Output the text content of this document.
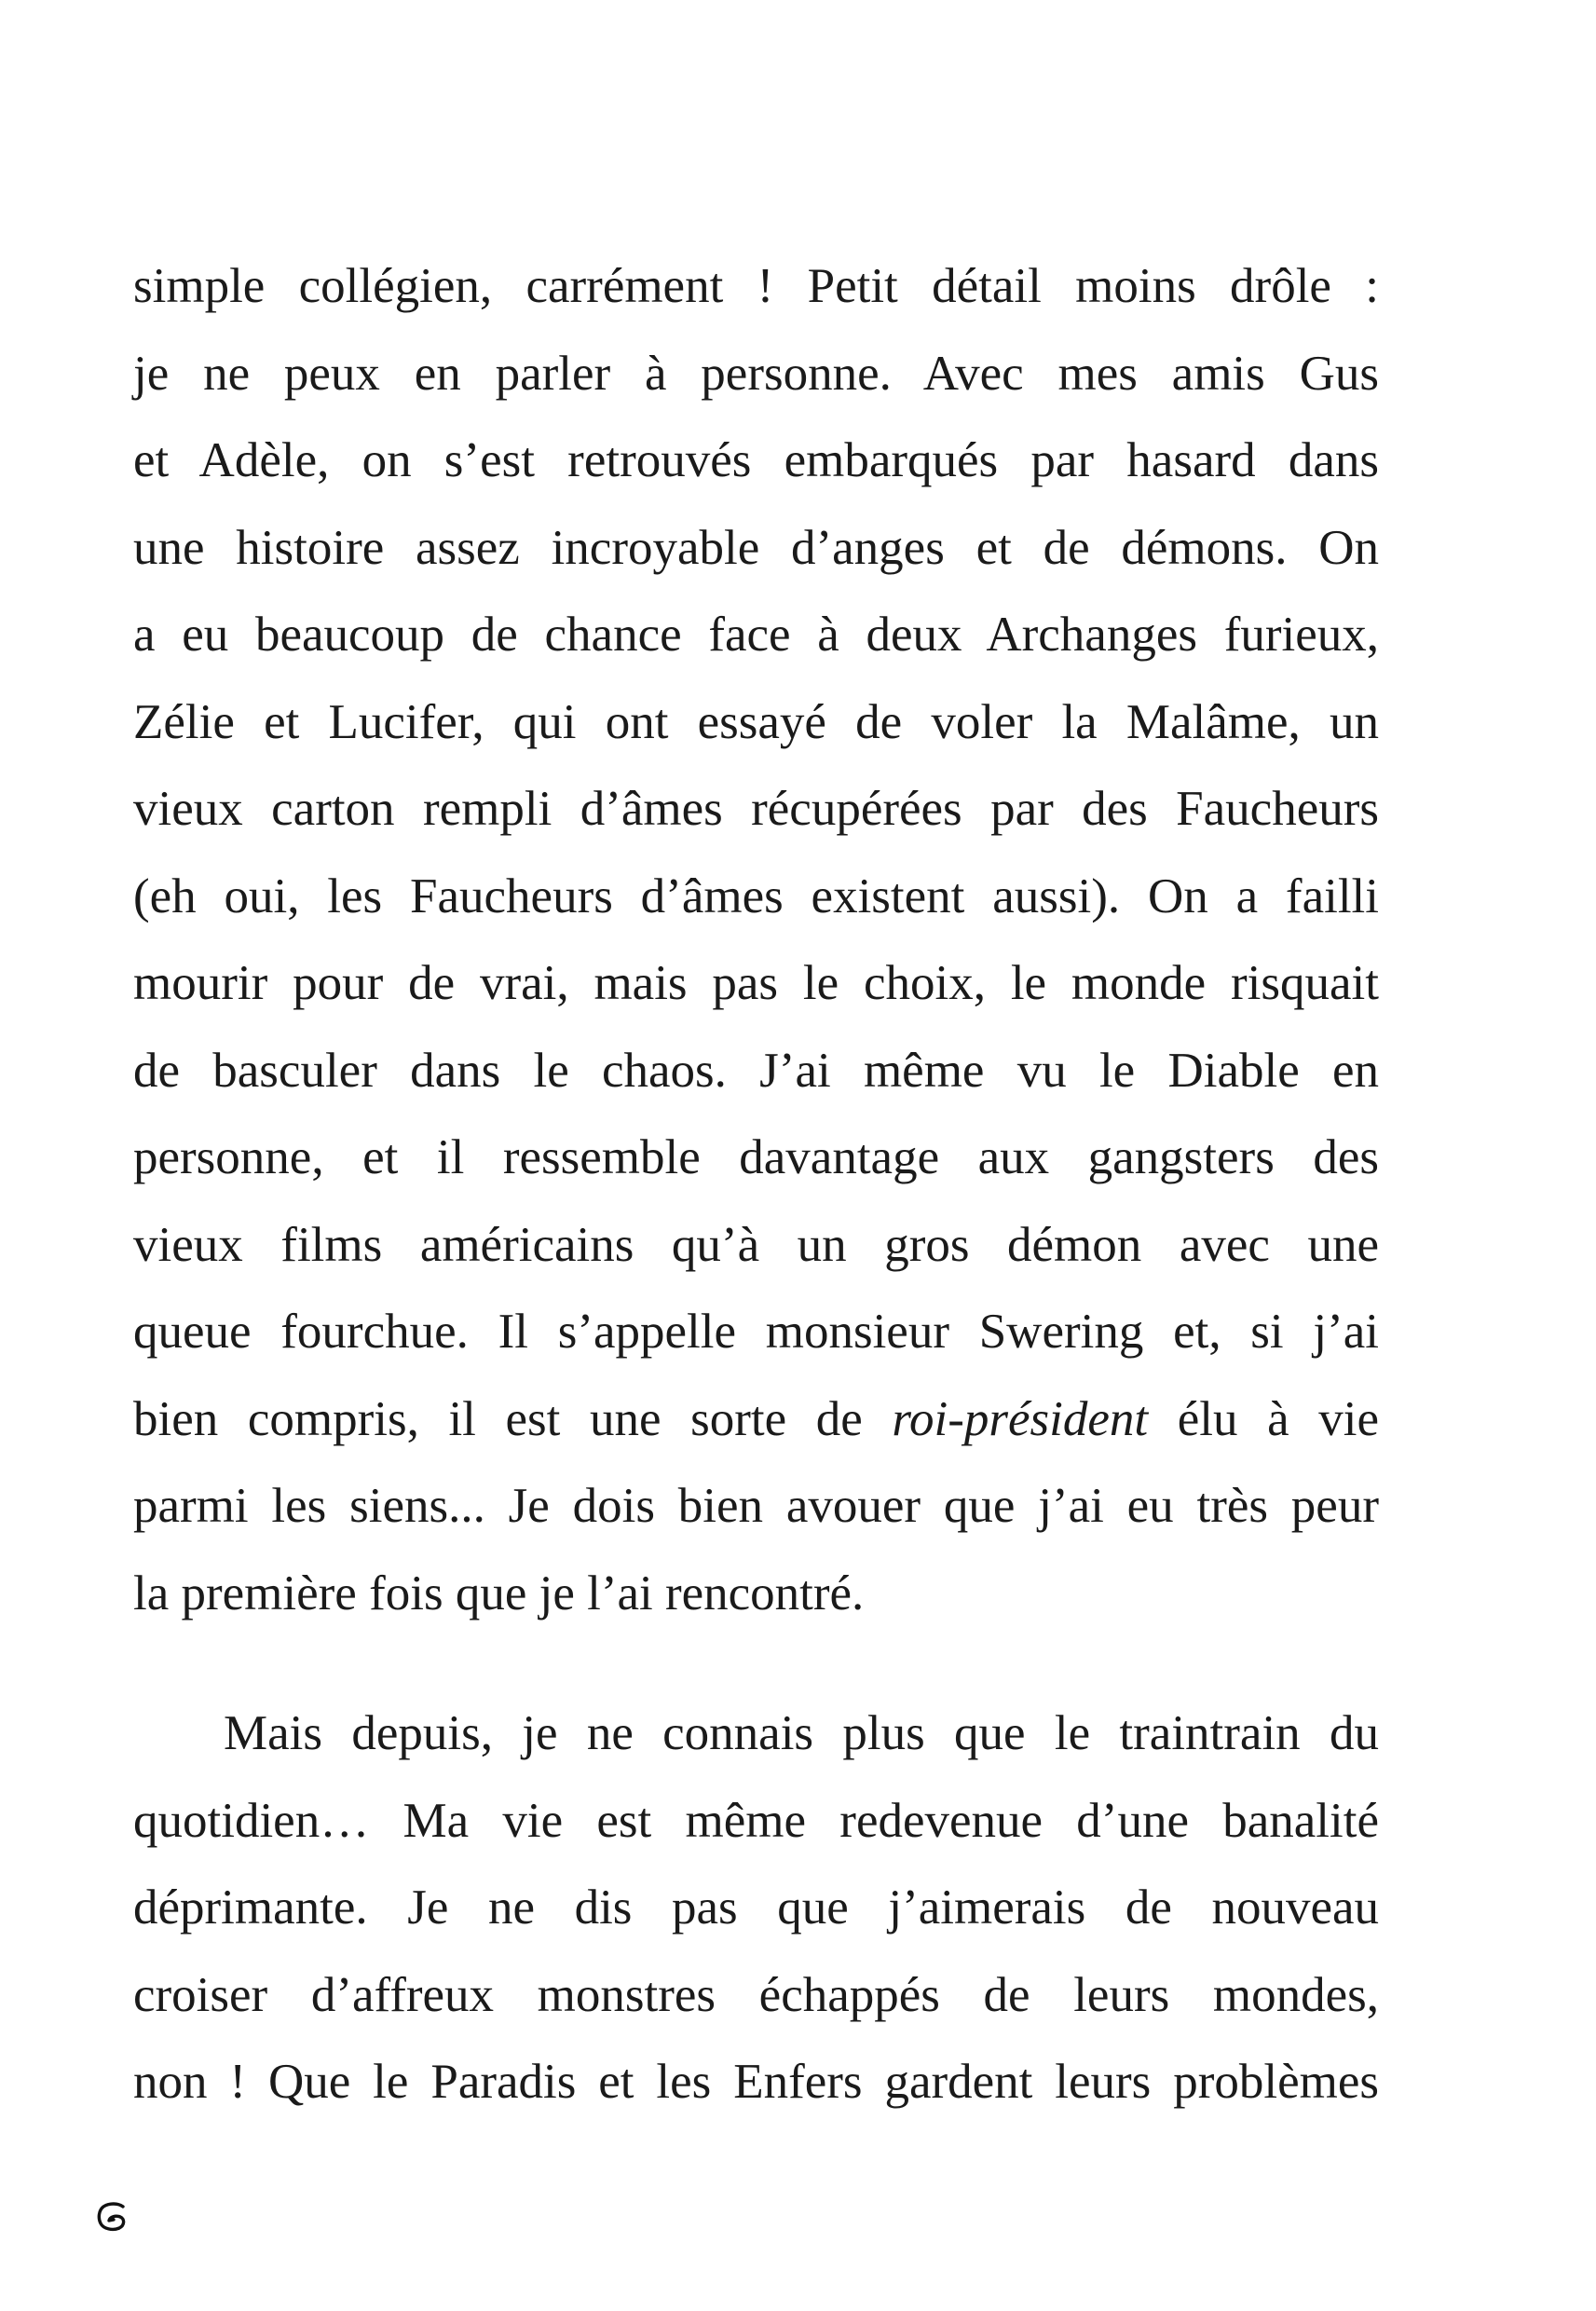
simple collégien, carrément ! Petit détail moins drôle :
je ne peux en parler à personne. Avec mes amis Gus
et Adèle, on s’est retrouvés embarqués par hasard dans
une histoire assez incroyable d’anges et de démons. On
a eu beaucoup de chance face à deux Archanges furieux,
Zélie et Lucifer, qui ont essayé de voler la Malâme, un
vieux carton rempli d’âmes récupérées par des Faucheurs
(eh oui, les Faucheurs d’âmes existent aussi). On a failli
mourir pour de vrai, mais pas le choix, le monde risquait
de basculer dans le chaos. J’ai même vu le Diable en
personne, et il ressemble davantage aux gangsters des
vieux films américains qu’à un gros démon avec une
queue fourchue. Il s’appelle monsieur Swering et, si j’ai
bien compris, il est une sorte de roi-président élu à vie
parmi les siens... Je dois bien avouer que j’ai eu très peur
la première fois que je l’ai rencontré.
Mais depuis, je ne connais plus que le traintrain du
quotidien… Ma vie est même redevenue d’une banalité
déprimante. Je ne dis pas que j’aimerais de nouveau
croiser d’affreux monstres échappés de leurs mondes,
non ! Que le Paradis et les Enfers gardent leurs problèmes
